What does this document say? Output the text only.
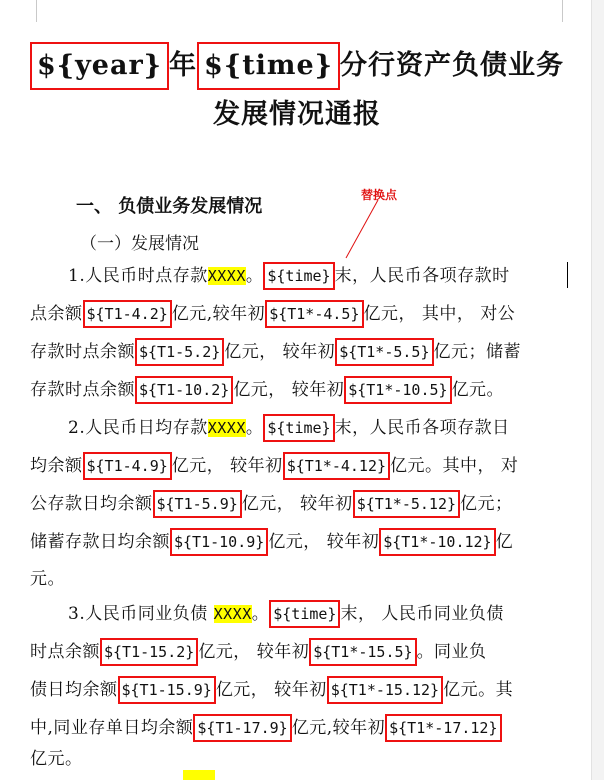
${year} 年 ${time} 分行资产负债业务
发展情况通报
一、 负债业务发展情况
（一）发展情况
替换点
1.人民币时点存款XXXX。 ${time} 末，人民币各项存款时
点余额 ${T1-4.2} 亿元,较年初 ${T1*-4.5} 亿元， 其中， 对公
存款时点余额 ${T1-5.2} 亿元， 较年初 ${T1*-5.5} 亿元；储蓄
存款时点余额 ${T1-10.2} 亿元， 较年初 ${T1*-10.5} 亿元。
2.人民币日均存款XXXX。 ${time} 末，人民币各项存款日
均余额 ${T1-4.9} 亿元， 较年初 ${T1*-4.12} 亿元。其中， 对
公存款日均余额 ${T1-5.9} 亿元， 较年初 ${T1*-5.12} 亿元；
储蓄存款日均余额 ${T1-10.9} 亿元， 较年初 ${T1*-10.12} 亿
元。
3.人民币同业负债 XXXX。 ${time} 末， 人民币同业负债
时点余额 ${T1-15.2} 亿元， 较年初 ${T1*-15.5} 。同业负
债日均余额 ${T1-15.9} 亿元， 较年初 ${T1*-15.12} 亿元。其
中,同业存单日均余额 ${T1-17.9} 亿元,较年初 ${T1*-17.12}
亿元。
